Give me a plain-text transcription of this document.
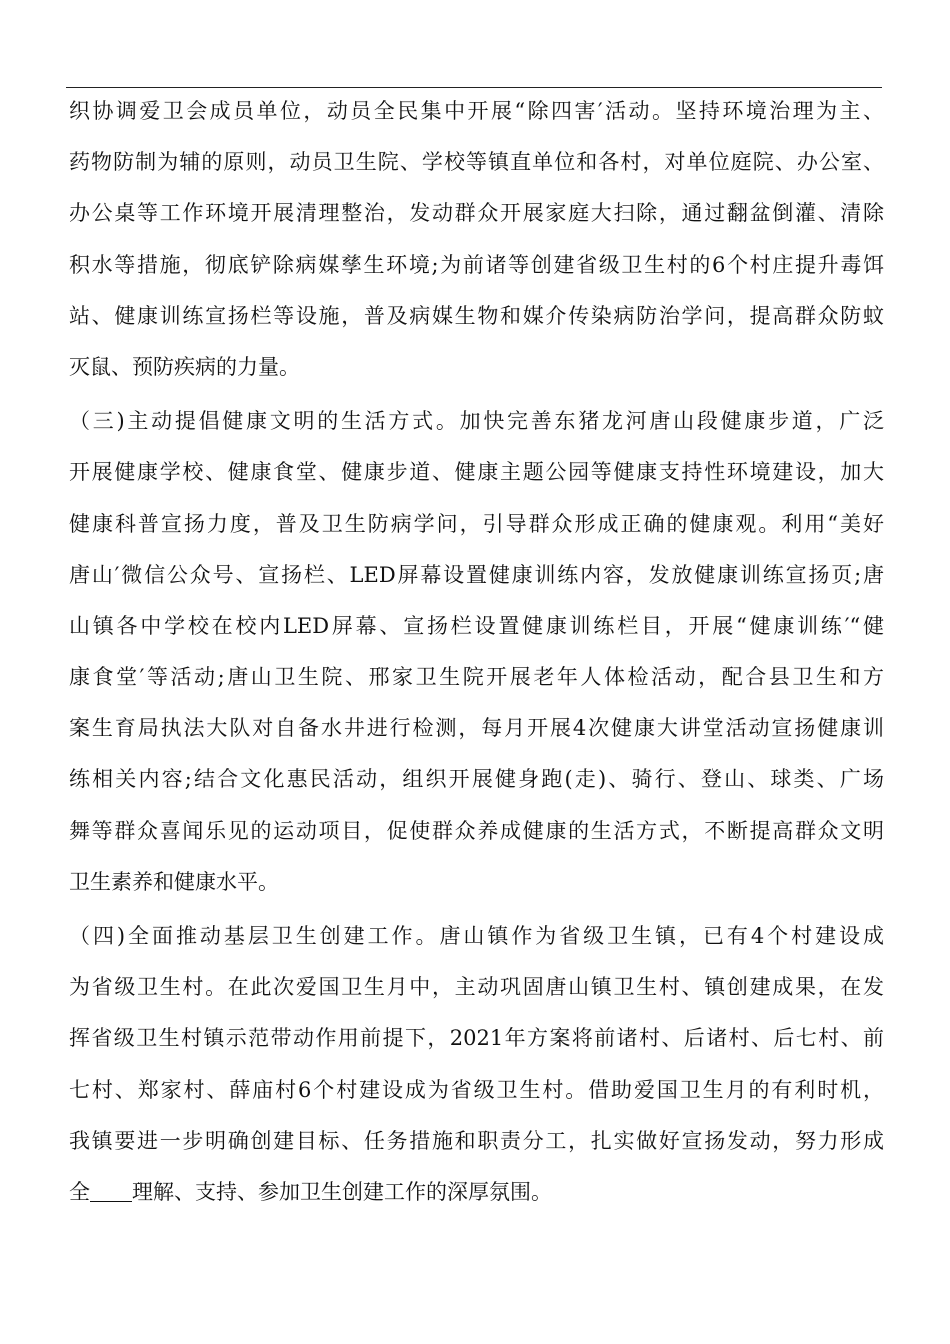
织协调爱卫会成员单位，动员全民集中开展“除四害′活动。坚持环境治理为主、
药物防制为辅的原则，动员卫生院、学校等镇直单位和各村，对单位庭院、办公室、
办公桌等工作环境开展清理整治，发动群众开展家庭大扫除，通过翻盆倒灌、清除
积水等措施，彻底铲除病媒孳生环境;为前诸等创建省级卫生村的6个村庄提升毒饵
站、健康训练宣扬栏等设施，普及病媒生物和媒介传染病防治学问，提高群众防蚊
灭鼠、预防疾病的力量。
（三)主动提倡健康文明的生活方式。加快完善东猪龙河唐山段健康步道，广泛
开展健康学校、健康食堂、健康步道、健康主题公园等健康支持性环境建设，加大
健康科普宣扬力度，普及卫生防病学问，引导群众形成正确的健康观。利用“美好
唐山′微信公众号、宣扬栏、LED屏幕设置健康训练内容，发放健康训练宣扬页;唐
山镇各中学校在校内LED屏幕、宣扬栏设置健康训练栏目，开展“健康训练′“健
康食堂′等活动;唐山卫生院、邢家卫生院开展老年人体检活动，配合县卫生和方
案生育局执法大队对自备水井进行检测，每月开展4次健康大讲堂活动宣扬健康训
练相关内容;结合文化惠民活动，组织开展健身跑(走)、骑行、登山、球类、广场
舞等群众喜闻乐见的运动项目，促使群众养成健康的生活方式，不断提高群众文明
卫生素养和健康水平。
（四)全面推动基层卫生创建工作。唐山镇作为省级卫生镇，已有4个村建设成
为省级卫生村。在此次爱国卫生月中，主动巩固唐山镇卫生村、镇创建成果，在发
挥省级卫生村镇示范带动作用前提下，2021年方案将前诸村、后诸村、后七村、前
七村、郑家村、薛庙村6个村建设成为省级卫生村。借助爱国卫生月的有利时机，
我镇要进一步明确创建目标、任务措施和职责分工，扎实做好宣扬发动，努力形成
全 理解、支持、参加卫生创建工作的深厚氛围。
